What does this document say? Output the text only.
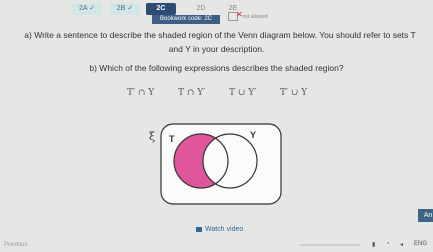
2A ✓	2B ✓	2C	2D	2E
Bookwork code: 2C	✕ not allowed
a) Write a sentence to describe the shaded region of the Venn diagram below. You should refer to sets T
and Y in your description.
b) Which of the following expressions describes the shaded region?
T′ ∩ Y	T ∩ Y′	T ∪ Y′	T′ ∪ Y
ξ T	Y
Watch video
An
Previous	▮ ◔ ◂ ENG
